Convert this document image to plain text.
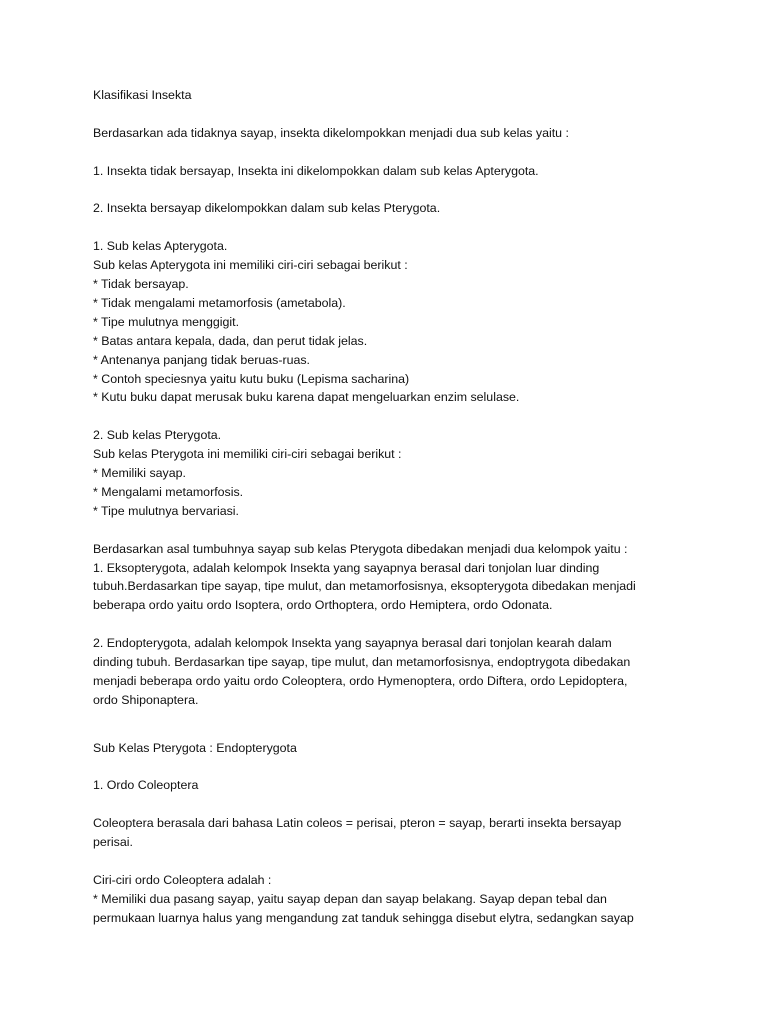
Klasifikasi Insekta

Berdasarkan ada tidaknya sayap, insekta dikelompokkan menjadi dua sub kelas yaitu :

1. Insekta tidak bersayap, Insekta ini dikelompokkan dalam sub kelas Apterygota.

2. Insekta bersayap dikelompokkan dalam sub kelas Pterygota.

1. Sub kelas Apterygota.
Sub kelas Apterygota ini memiliki ciri-ciri sebagai berikut :
* Tidak bersayap.
* Tidak mengalami metamorfosis (ametabola).
* Tipe mulutnya menggigit.
* Batas antara kepala, dada, dan perut tidak jelas.
* Antenanya panjang tidak beruas-ruas.
* Contoh speciesnya yaitu kutu buku (Lepisma sacharina)
* Kutu buku dapat merusak buku karena dapat mengeluarkan enzim selulase.

2. Sub kelas Pterygota.
Sub kelas Pterygota ini memiliki ciri-ciri sebagai berikut :
* Memiliki sayap.
* Mengalami metamorfosis.
* Tipe mulutnya bervariasi.

Berdasarkan asal tumbuhnya sayap sub kelas Pterygota dibedakan menjadi dua kelompok yaitu :
1. Eksopterygota, adalah kelompok Insekta yang sayapnya berasal dari tonjolan luar dinding
tubuh.Berdasarkan tipe sayap, tipe mulut, dan metamorfosisnya, eksopterygota dibedakan menjadi
beberapa ordo yaitu ordo Isoptera, ordo Orthoptera, ordo Hemiptera, ordo Odonata.

2. Endopterygota, adalah kelompok Insekta yang sayapnya berasal dari tonjolan kearah dalam
dinding tubuh. Berdasarkan tipe sayap, tipe mulut, dan metamorfosisnya, endoptrygota dibedakan
menjadi beberapa ordo yaitu ordo Coleoptera, ordo Hymenoptera, ordo Diftera, ordo Lepidoptera,
ordo Shiponaptera.

Sub Kelas Pterygota : Endopterygota

1. Ordo Coleoptera

Coleoptera berasala dari bahasa Latin coleos = perisai, pteron = sayap, berarti insekta bersayap
perisai.

Ciri-ciri ordo Coleoptera adalah :
* Memiliki dua pasang sayap, yaitu sayap depan dan sayap belakang. Sayap depan tebal dan
permukaan luarnya halus yang mengandung zat tanduk sehingga disebut elytra, sedangkan sayap
